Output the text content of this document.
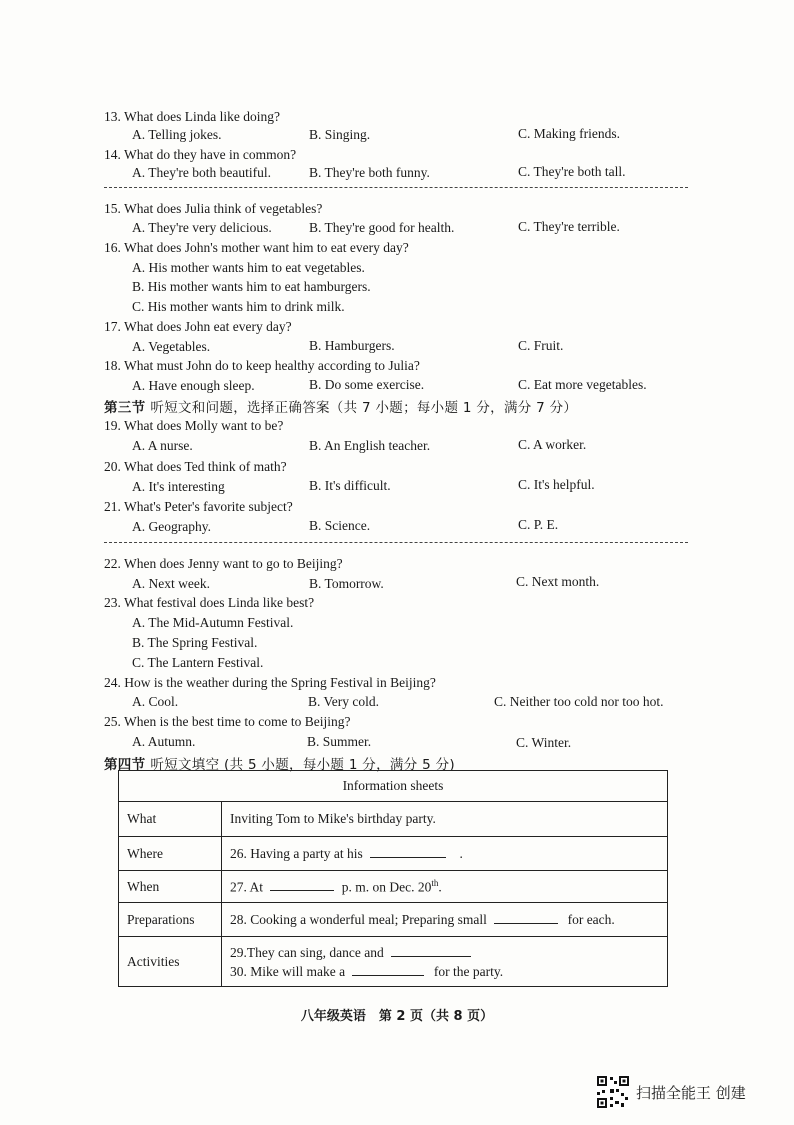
13. What does Linda like doing?
A. Telling jokes.	B. Singing.	C. Making friends.
14. What do they have in common?
A. They're both beautiful.	B. They're both funny.	C. They're both tall.
15. What does Julia think of vegetables?
A. They're very delicious.	B. They're good for health.	C. They're terrible.
16. What does John's mother want him to eat every day?
A. His mother wants him to eat vegetables.
B. His mother wants him to eat hamburgers.
C. His mother wants him to drink milk.
17. What does John eat every day?
A. Vegetables.	B. Hamburgers.	C. Fruit.
18. What must John do to keep healthy according to Julia?
A. Have enough sleep.	B. Do some exercise.	C. Eat more vegetables.
第三节 听短文和问题，选择正确答案（共 7 小题；每小题 1 分，满分 7 分）
19. What does Molly want to be?
A. A nurse.	B. An English teacher.	C. A worker.
20. What does Ted think of math?
A. It's interesting	B. It's difficult.	C. It's helpful.
21. What's Peter's favorite subject?
A. Geography.	B. Science.	C. P. E.
22. When does Jenny want to go to Beijing?
A. Next week.	B. Tomorrow.	C. Next month.
23. What festival does Linda like best?
A. The Mid-Autumn Festival.
B. The Spring Festival.
C. The Lantern Festival.
24. How is the weather during the Spring Festival in Beijing?
A. Cool.	B. Very cold.	C. Neither too cold nor too hot.
25. When is the best time to come to Beijing?
A. Autumn.	B. Summer.	C. Winter.
第四节 听短文填空 (共 5 小题，每小题 1 分，满分 5 分)
Information sheets	
What	Inviting Tom to Mike's birthday party.
Where	26. Having a party at his .
When	27. At p. m. on Dec. 20th.
Preparations	28. Cooking a wonderful meal; Preparing small for each.
Activities	29.They can sing, dance and
30. Mike will make a for the party.
八年级英语　第 2 页（共 8 页）
扫描全能王 创建
